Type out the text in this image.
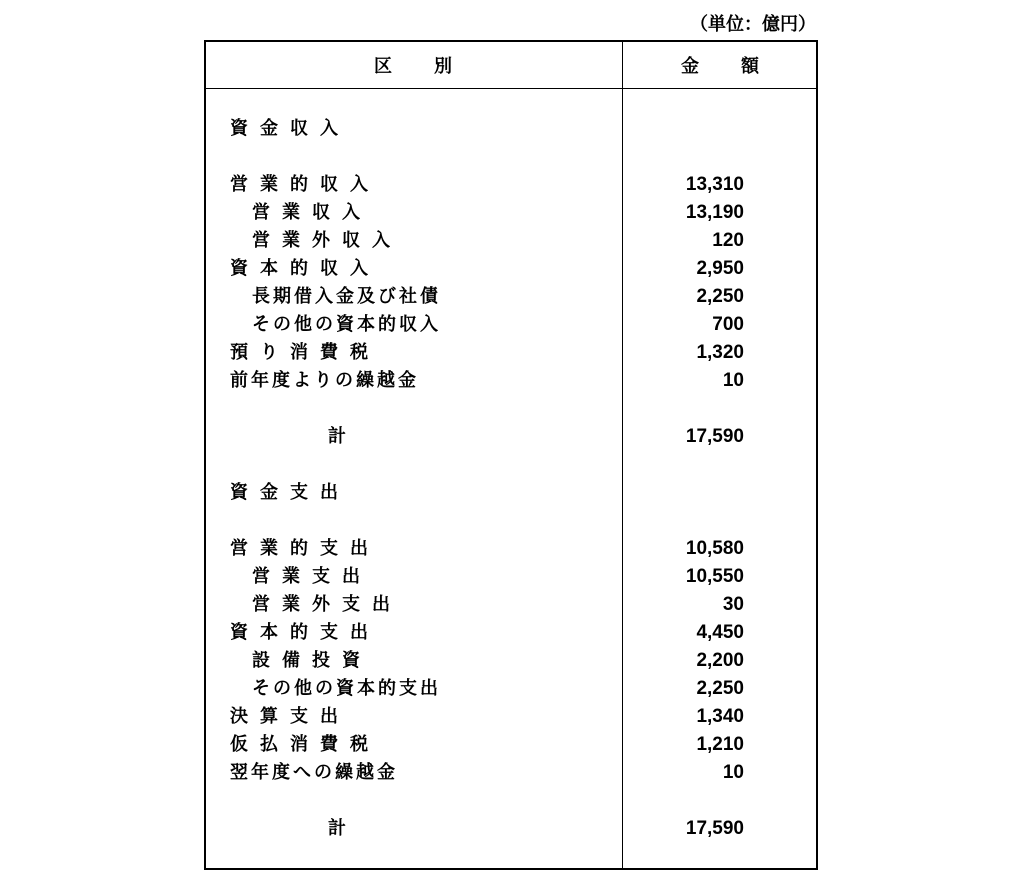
（単位：億円）
区　　別	金　　額
資金収入
営業的収入	13,310
営業収入	13,190
営業外収入	120
資本的収入	2,950
長期借入金及び社債	2,250
その他の資本的収入	700
預り消費税	1,320
前年度よりの繰越金	10
計	17,590
資金支出
営業的支出	10,580
営業支出	10,550
営業外支出	30
資本的支出	4,450
設備投資	2,200
その他の資本的支出	2,250
決算支出	1,340
仮払消費税	1,210
翌年度への繰越金	10
計	17,590
